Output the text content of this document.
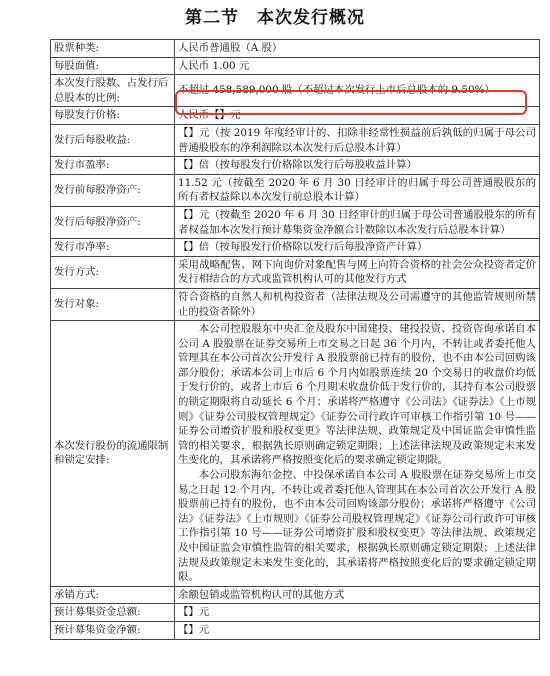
第二节 本次发行概况
股票种类:	人民币普通股（A 股）
每股面值:	人民币 1.00 元
本次发行股数、占发行后总股本的比例:	不超过 458,589,000 股（不超过本次发行上市后总股本的 9.50%）
每股发行价格:	人民币【】元
发行后每股收益:	【】元（按 2019 年度经审计的、扣除非经常性损益前后孰低的归属于母公司普通股股东的净利润除以本次发行后总股本计算）
发行市盈率:	【】倍（按每股发行价格除以发行后每股收益计算）
发行前每股净资产:	11.52 元（按截至 2020 年 6 月 30 日经审计的归属于母公司普通股股东的所有者权益除以本次发行前总股本计算）
发行后每股净资产:	【】元（按截至 2020 年 6 月 30 日经审计的归属于母公司普通股股东的所有者权益加本次发行预计募集资金净额合计数除以本次发行后总股本计算）
发行市净率:	【】倍（按每股发行价格除以发行后每股净资产计算）
发行方式:	采用战略配售、网下向询价对象配售与网上向符合资格的社会公众投资者定价发行相结合的方式或监管机构认可的其他发行方式
发行对象:	符合资格的自然人和机构投资者（法律法规及公司需遵守的其他监管规则所禁止的投资者除外）
本次发行股份的流通限制和锁定安排:	本公司控股股东中央汇金及股东中国建投、建投投资、投资咨询承诺自本公司 A 股股票在证券交易所上市交易之日起 36 个月内，不转让或者委托他人管理其在本公司首次公开发行 A 股股票前已持有的股份，也不由本公司回购该部分股份；承诺本公司上市后 6 个月内如股票连续 20 个交易日的收盘价均低于发行价的，或者上市后 6 个月期末收盘价低于发行价的，其持有本公司股票的锁定期限将自动延长 6 个月；承诺将严格遵守《公司法》《证券法》《上市规则》《证券公司股权管理规定》《证券公司行政许可审核工作指引第 10 号——证券公司增资扩股和股权变更》等法律法规、政策规定及中国证监会审慎性监管的相关要求，根据孰长原则确定锁定期限；上述法律法规及政策规定未来发生变化的，其承诺将严格按照变化后的要求确定锁定期限。
本公司股东海尔金控、中投保承诺自本公司 A 股股票在证券交易所上市交易之日起 12 个月内，不转让或者委托他人管理其在本公司首次公开发行 A 股股票前已持有的股份，也不由本公司回购该部分股份；承诺将严格遵守《公司法》《证券法》《上市规则》《证券公司股权管理规定》《证券公司行政许可审核工作指引第 10 号——证券公司增资扩股和股权变更》等法律法规、政策规定及中国证监会审慎性监管的相关要求，根据孰长原则确定锁定期限；上述法律法规及政策规定未来发生变化的，其承诺将严格按照变化后的要求确定锁定期限。

承销方式:	余额包销或监管机构认可的其他方式
预计募集资金总额:	【】元
预计募集资金净额:	【】元
